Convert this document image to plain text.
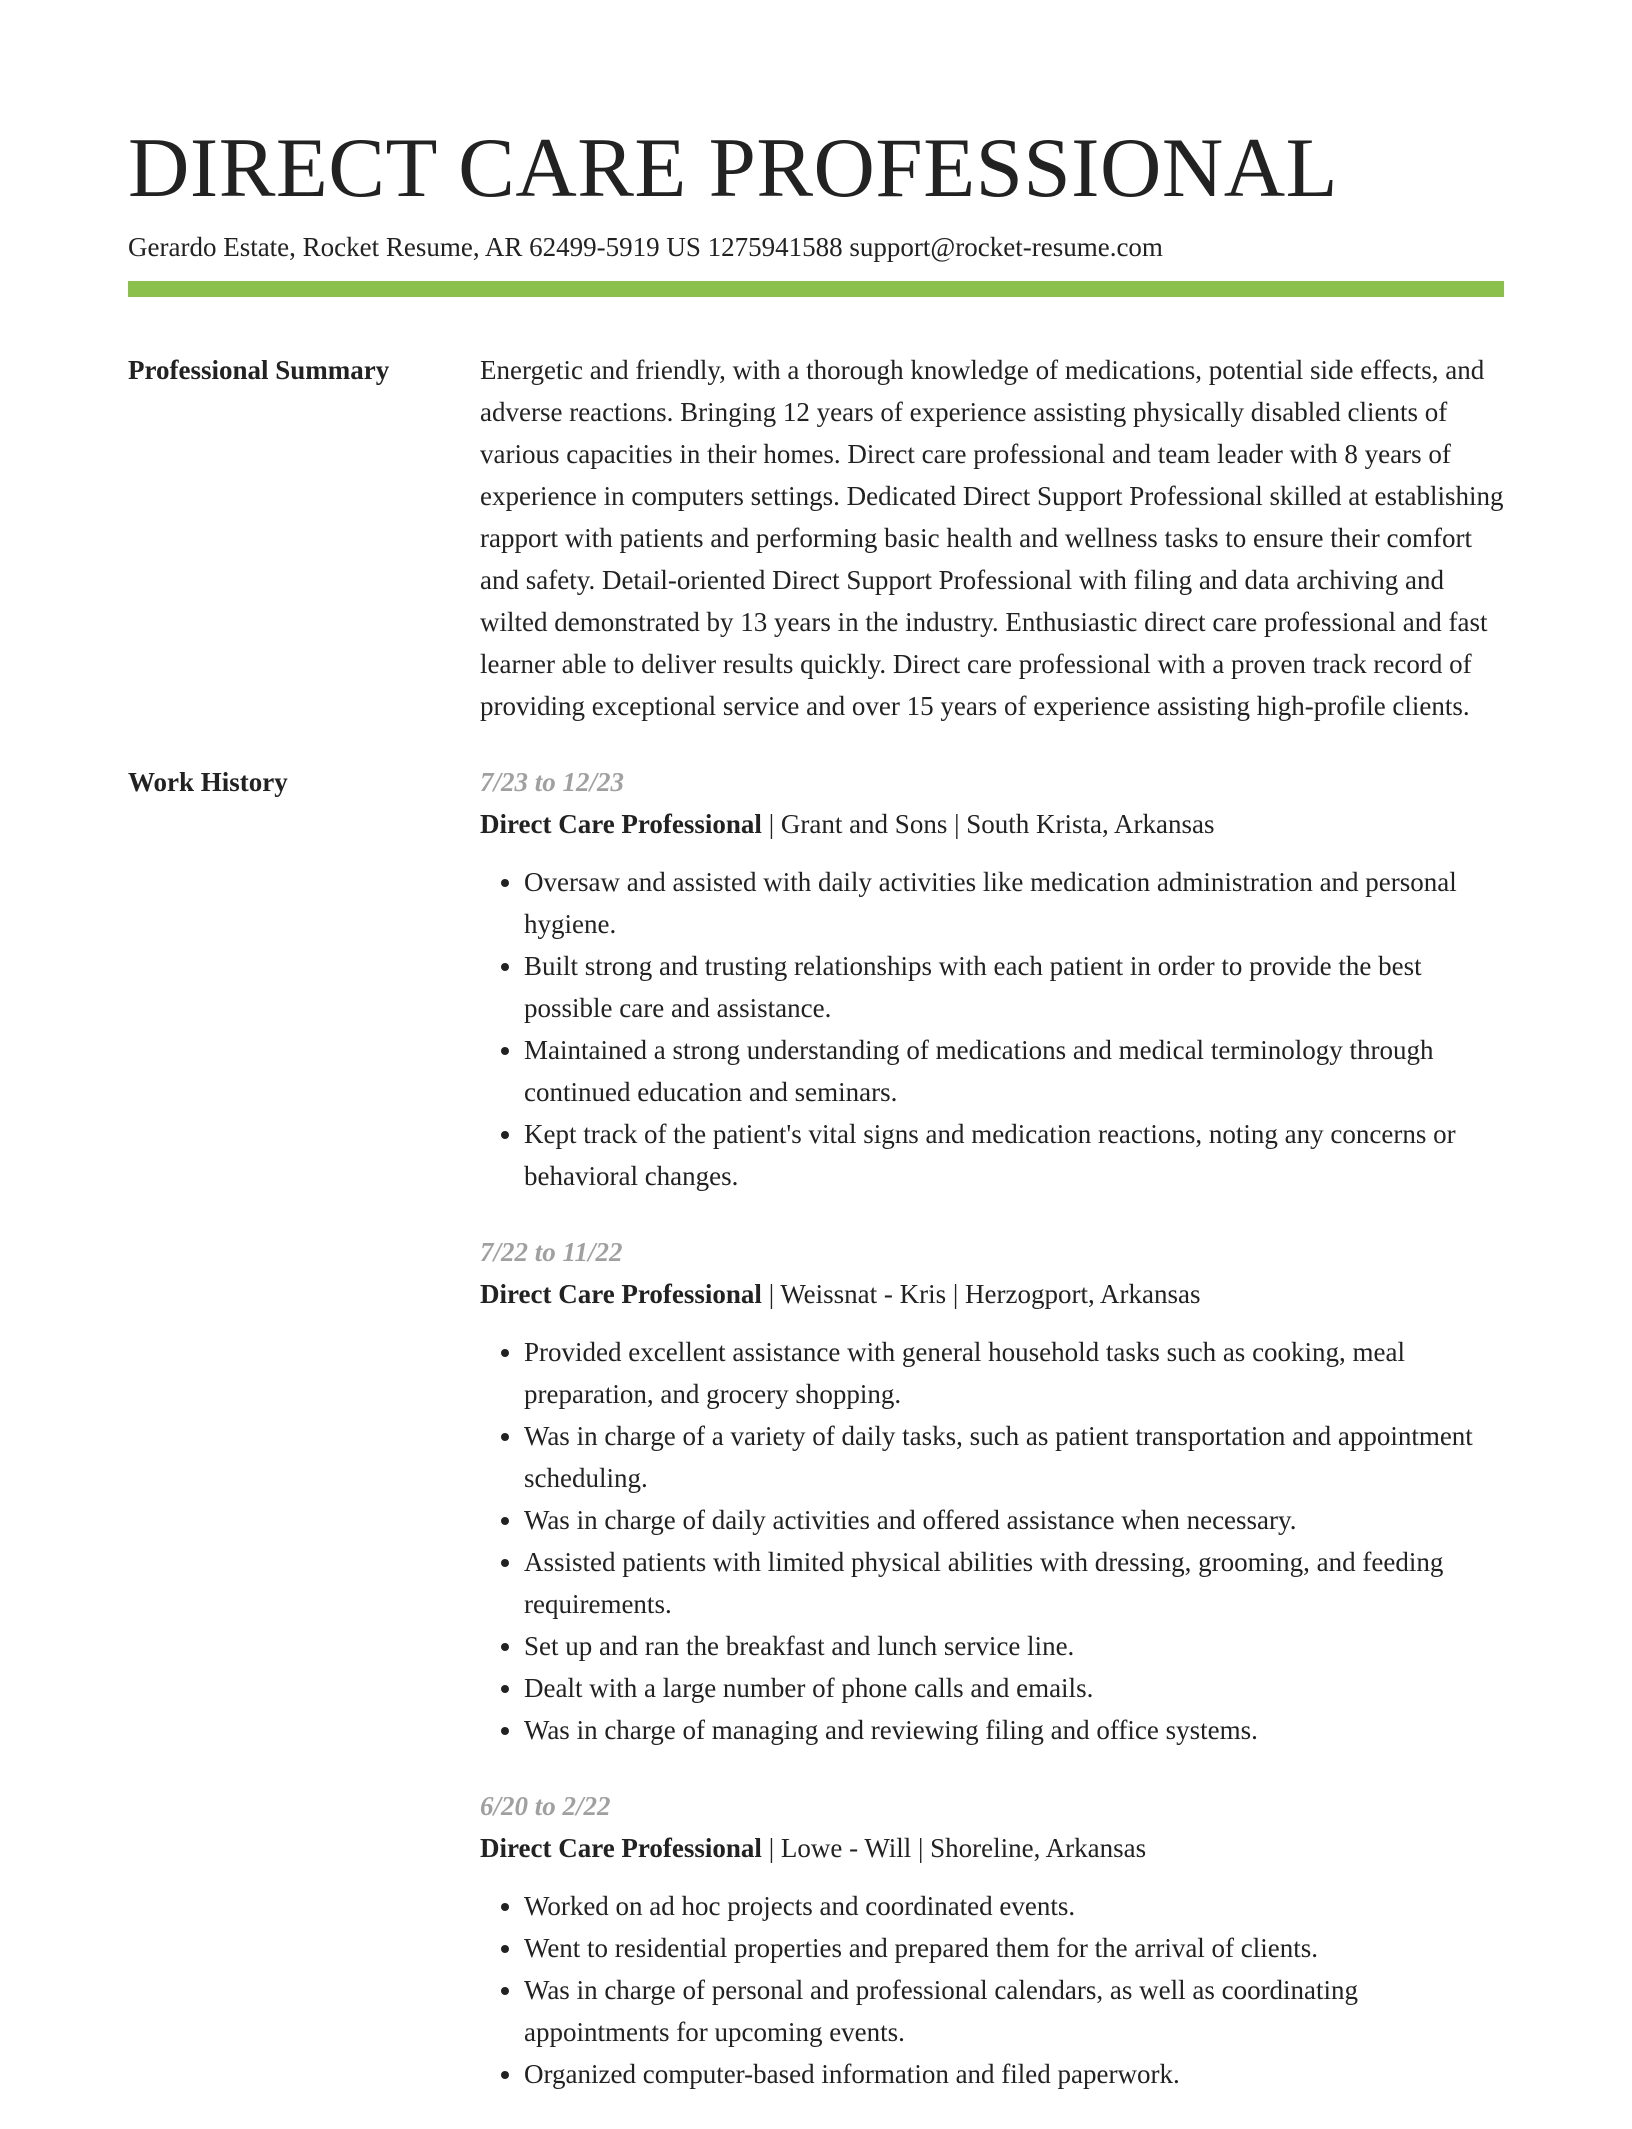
DIRECT CARE PROFESSIONAL
Gerardo Estate, Rocket Resume, AR 62499-5919 US 1275941588 support@rocket-resume.com
Professional Summary	Energetic and friendly, with a thorough knowledge of medications, potential side effects, and adverse reactions. Bringing 12 years of experience assisting physically disabled clients of various capacities in their homes. Direct care professional and team leader with 8 years of experience in computers settings. Dedicated Direct Support Professional skilled at establishing rapport with patients and performing basic health and wellness tasks to ensure their comfort and safety. Detail-oriented Direct Support Professional with filing and data archiving and wilted demonstrated by 13 years in the industry. Enthusiastic direct care professional and fast learner able to deliver results quickly. Direct care professional with a proven track record of providing exceptional service and over 15 years of experience assisting high-profile clients.

Work History	7/23 to 12/23
Direct Care Professional | Grant and Sons | South Krista, Arkansas
• Oversaw and assisted with daily activities like medication administration and personal hygiene.
• Built strong and trusting relationships with each patient in order to provide the best possible care and assistance.
• Maintained a strong understanding of medications and medical terminology through continued education and seminars.
• Kept track of the patient's vital signs and medication reactions, noting any concerns or behavioral changes.
7/22 to 11/22
Direct Care Professional | Weissnat - Kris | Herzogport, Arkansas
• Provided excellent assistance with general household tasks such as cooking, meal preparation, and grocery shopping.
• Was in charge of a variety of daily tasks, such as patient transportation and appointment scheduling.
• Was in charge of daily activities and offered assistance when necessary.
• Assisted patients with limited physical abilities with dressing, grooming, and feeding requirements.
• Set up and ran the breakfast and lunch service line.
• Dealt with a large number of phone calls and emails.
• Was in charge of managing and reviewing filing and office systems.
6/20 to 2/22
Direct Care Professional | Lowe - Will | Shoreline, Arkansas
• Worked on ad hoc projects and coordinated events.
• Went to residential properties and prepared them for the arrival of clients.
• Was in charge of personal and professional calendars, as well as coordinating appointments for upcoming events.
• Organized computer-based information and filed paperwork.
